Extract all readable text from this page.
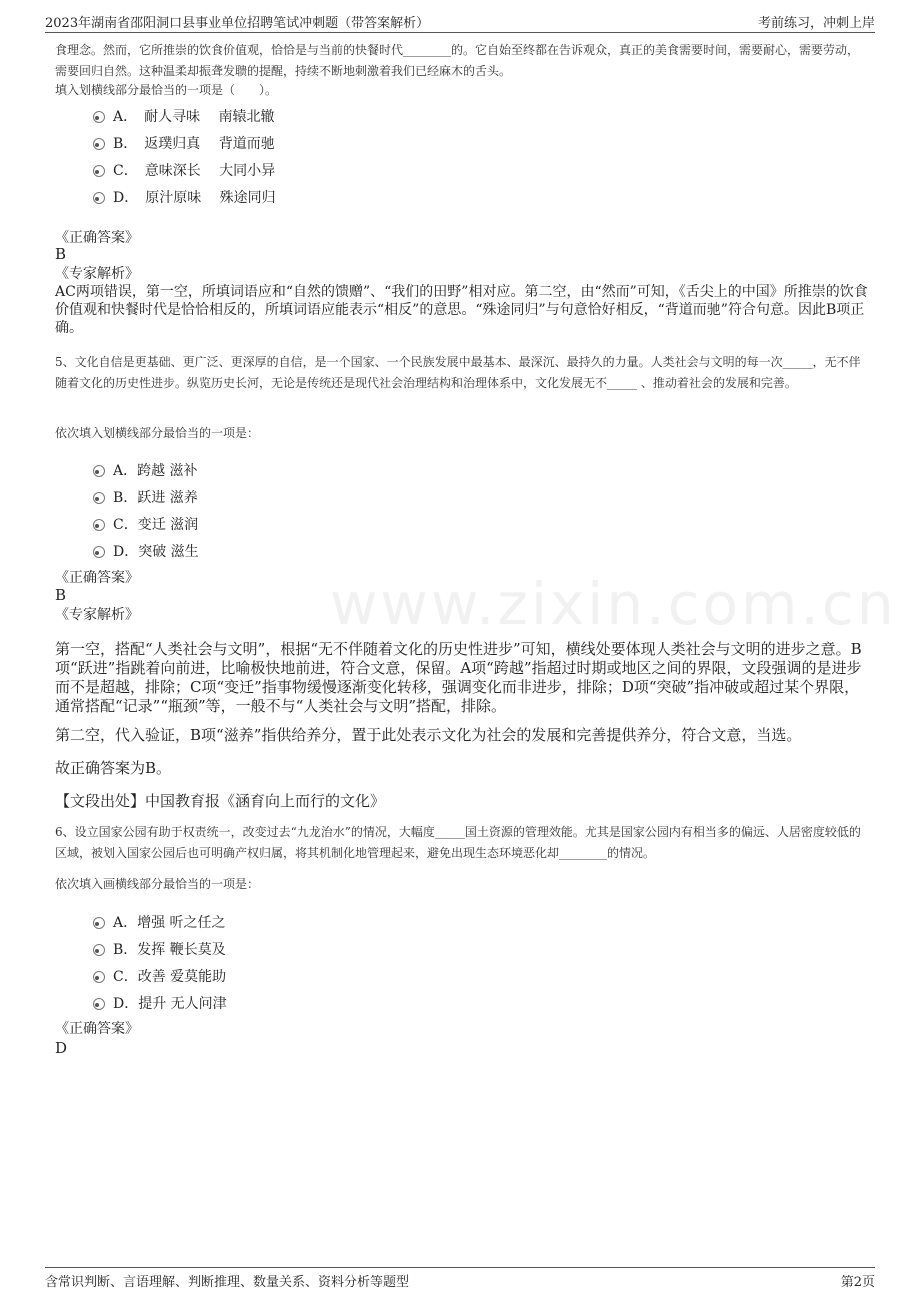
www.zixin.com.cn
2023年湖南省邵阳洞口县事业单位招聘笔试冲刺题（带答案解析）	考前练习，冲刺上岸
食理念。然而，它所推崇的饮食价值观，恰恰是与当前的快餐时代________的。它自始至终都在告诉观众，真正的美食需要时间，需要耐心，需要劳动，需要回归自然。这种温柔却振聋发聩的提醒，持续不断地刺激着我们已经麻木的舌头。
填入划横线部分最恰当的一项是（　　）。
A．　耐人寻味　 南辕北辙
B．　返璞归真　 背道而驰
C．　意味深长　 大同小异
D．　原汁原味　 殊途同归
《正确答案》
B
《专家解析》
AC两项错误，第一空，所填词语应和“自然的馈赠”、“我们的田野”相对应。第二空，由“然而”可知，《舌尖上的中国》所推崇的饮食价值观和快餐时代是恰恰相反的，所填词语应能表示“相反”的意思。“殊途同归”与句意恰好相反，“背道而驰”符合句意。因此B项正确。
5、文化自信是更基础、更广泛、更深厚的自信，是一个国家、一个民族发展中最基本、最深沉、最持久的力量。人类社会与文明的每一次_____，无不伴随着文化的历史性进步。纵览历史长河，无论是传统还是现代社会治理结构和治理体系中，文化发展无不_____ 、推动着社会的发展和完善。
依次填入划横线部分最恰当的一项是：
A．跨越 滋补
B．跃进 滋养
C．变迁 滋润
D．突破 滋生
《正确答案》
B
《专家解析》
第一空，搭配“人类社会与文明”，根据“无不伴随着文化的历史性进步”可知，横线处要体现人类社会与文明的进步之意。B项“跃进”指跳着向前进，比喻极快地前进，符合文意，保留。A项“跨越”指超过时期或地区之间的界限，文段强调的是进步而不是超越，排除；C项“变迁”指事物缓慢逐渐变化转移，强调变化而非进步，排除；D项“突破”指冲破或超过某个界限，通常搭配“记录”“瓶颈”等，一般不与“人类社会与文明”搭配，排除。
第二空，代入验证，B项“滋养”指供给养分，置于此处表示文化为社会的发展和完善提供养分，符合文意，当选。
故正确答案为B。
【文段出处】中国教育报《涵育向上而行的文化》
6、设立国家公园有助于权责统一，改变过去“九龙治水”的情况，大幅度_____国土资源的管理效能。尤其是国家公园内有相当多的偏远、人居密度较低的区域，被划入国家公园后也可明确产权归属，将其机制化地管理起来，避免出现生态环境恶化却________的情况。
依次填入画横线部分最恰当的一项是：
A．增强 听之任之
B．发挥 鞭长莫及
C．改善 爱莫能助
D．提升 无人问津
《正确答案》
D
含常识判断、言语理解、判断推理、数量关系、资料分析等题型	第2页
